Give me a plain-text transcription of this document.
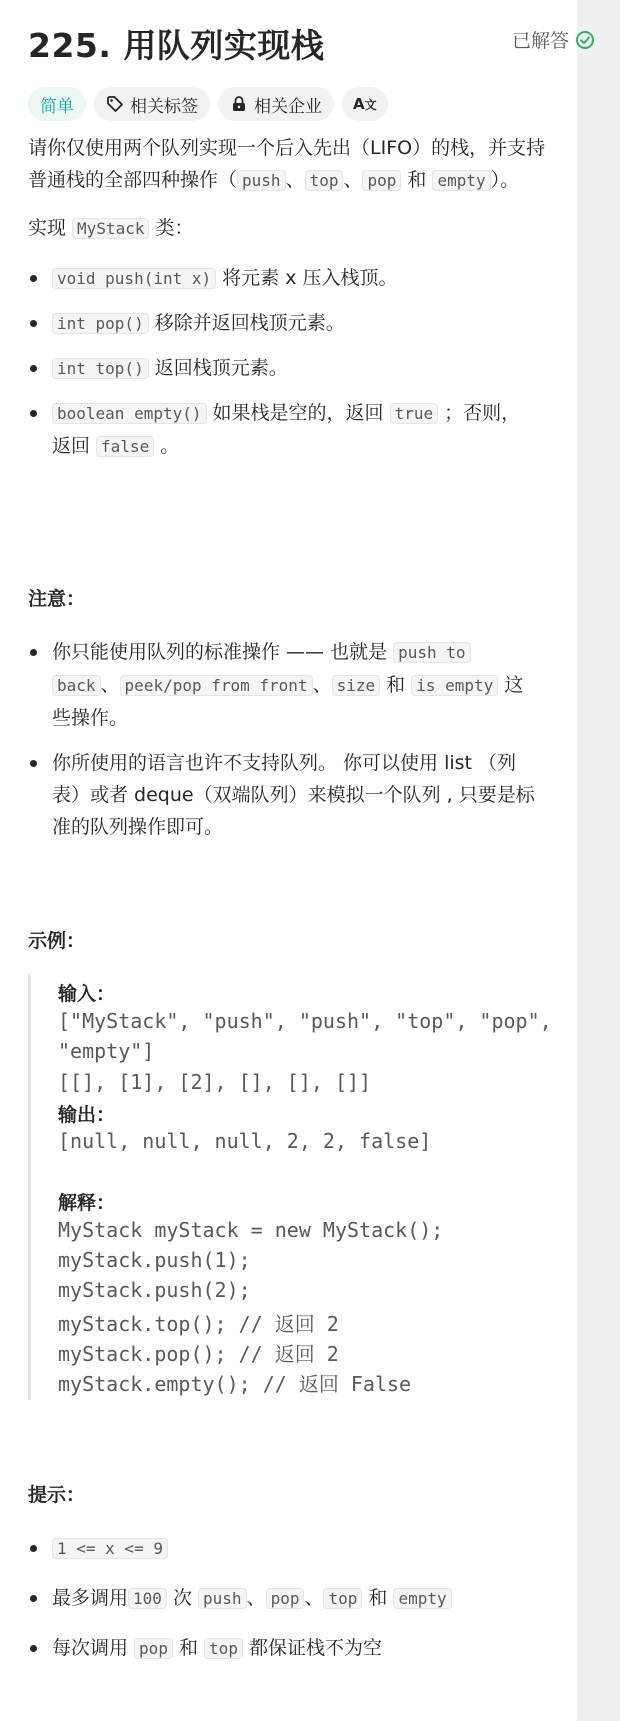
225. 用队列实现栈	已解答
简单	相关标签	相关企业 A文
请你仅使用两个队列实现一个后入先出（LIFO）的栈，并支持
普通栈的全部四种操作（ push 、 top 、 pop 和 empty ）。
实现 MyStack 类：
void push(int x) 将元素 x 压入栈顶。
int pop() 移除并返回栈顶元素。
int top() 返回栈顶元素。
boolean empty() 如果栈是空的，返回 true ；否则，
返回 false 。
注意：
你只能使用队列的标准操作 —— 也就是 push to
back 、 peek/pop from front 、 size 和 is empty 这
些操作。
你所使用的语言也许不支持队列。 你可以使用 list （列
表）或者 deque（双端队列）来模拟一个队列 , 只要是标
准的队列操作即可。
示例：
输入：
["MyStack", "push", "push", "top", "pop",
"empty"]
[[], [1], [2], [], [], []]
输出：
[null, null, null, 2, 2, false]
解释：
MyStack myStack = new MyStack();
myStack.push(1);
myStack.push(2);
myStack.top(); // 返回 2
myStack.pop(); // 返回 2
myStack.empty(); // 返回 False
提示：
1 <= x <= 9
最多调用 100 次 push 、 pop 、 top 和 empty
每次调用 pop 和 top 都保证栈不为空
